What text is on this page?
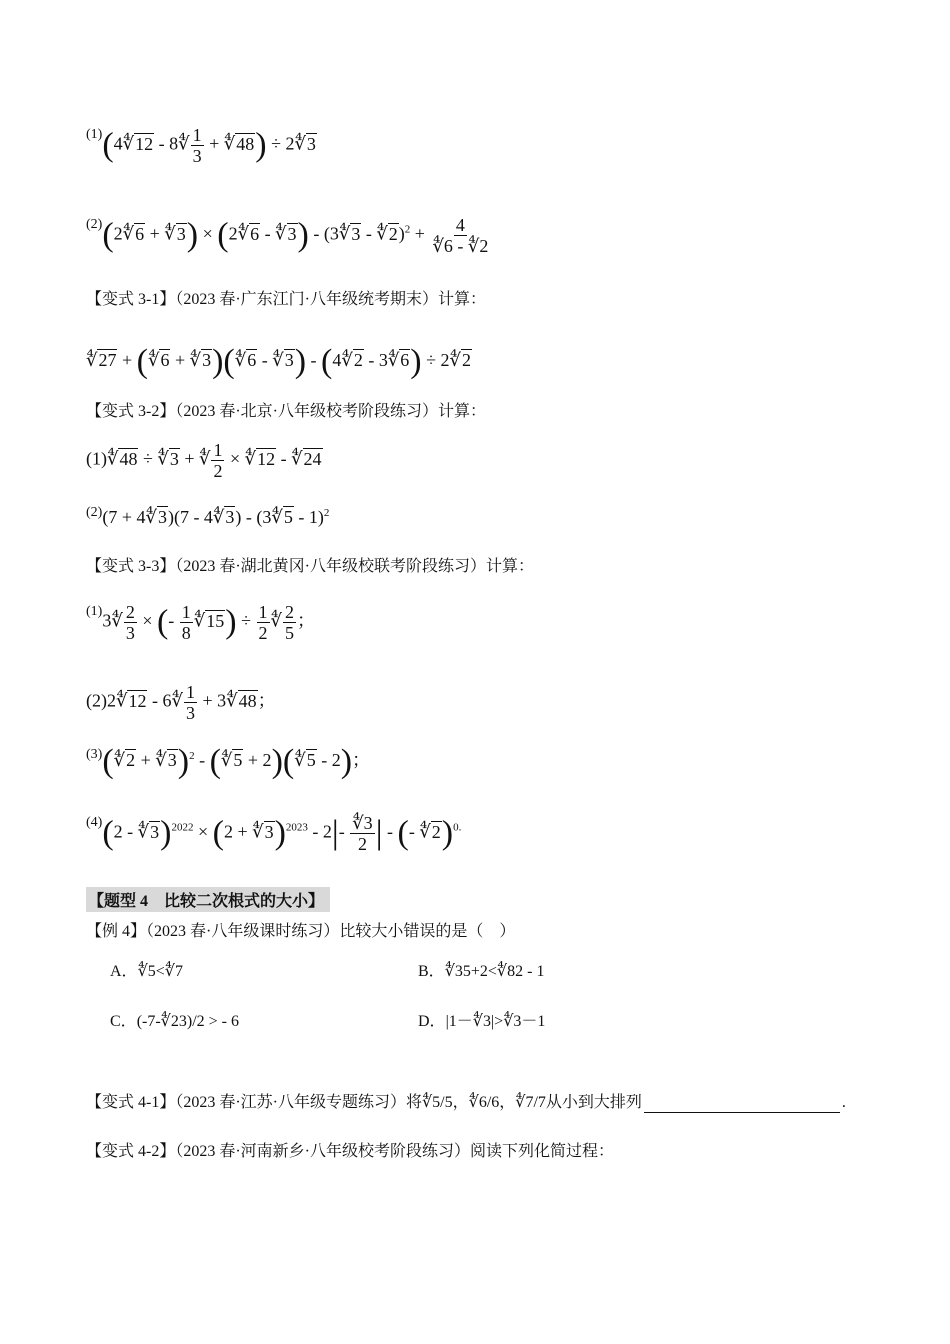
$^{(1)}$(4∜12 - 8∜ $\frac{1}{3}$ + ∜48) ÷ 2∜3
$^{(2)}$(2∜6 + ∜3) × (2∜6 - ∜3) - (3∜3 - ∜2)$^2$ + $\frac{4}{∜6 - ∜2}$
【变式 3-1】（2023 春·广东江门·八年级统考期末）计算：
∜27 + (∜6 + ∜3)(∜6 - ∜3) - (4∜2 - 3∜6) ÷ 2∜2
【变式 3-2】（2023 春·北京·八年级校考阶段练习）计算：
(1)∜48 ÷ ∜3 + ∜ $\frac{1}{2}$ × ∜12 - ∜24
$^{(2)}$(7 + 4∜3)(7 - 4∜3) - (3∜5 - 1)$^2$
【变式 3-3】（2023 春·湖北黄冈·八年级校联考阶段练习）计算：
$^{(1)}$3∜ $\frac{2}{3}$ × (- $\frac{1}{8}$ ∜15) ÷ $\frac{1}{2}$ ∜ $\frac{2}{5}$ ；
(2)2∜12 - 6∜ $\frac{1}{3}$ + 3∜48；
$^{(3)}$(∜2 + ∜3)$^2$ - (∜5 + 2)(∜5 - 2)；
$^{(4)}$(2 - ∜3)$^{2022}$ × (2 + ∜3)$^{2023}$ - $2|- \frac{∜3}{2}$ | - (- ∜2)$^{0.}$
【题型 4　比较二次根式的大小】
【例 4】（2023 春·八年级课时练习）比较大小错误的是（　）
A．∜5<∜7	B．∜35+2<∜82 - 1
C．(-7-∜23)/2 > - 6	D．|1－∜3|>∜3－1
【变式 4-1】（2023 春·江苏·八年级专题练习）将∜5/5，∜6/6，∜7/7从小到大排列	.
【变式 4-2】（2023 春·河南新乡·八年级校考阶段练习）阅读下列化简过程：
(1)(4∜12 - 8∜(1/3) + ∜48) ÷ 2∜3 (2)(2∜6+∜3)×(2∜6-∜3)-(3∜3-∜2)²+4/(∜6-∜2) ∜27+(∜6+∜3)(∜6-∜3)-(4∜2-3∜6)÷2∜2 (1)∜48÷∜3+∜(1/2)×∜12-∜24 (2)(7+4∜3)(7-4∜3)-(3∜5-1)² (1)3∜(2/3)×(-1/8∜15)÷1/2∜(2/5)； (2)2∜12-6∜(1/3)+3∜48； (3)(∜2+∜3)²-(∜5+2)(∜5-2)； (4)(2-∜3)^2022×(2+∜3)^2023-2|-∜3/2|-(-∜2)⁰.
